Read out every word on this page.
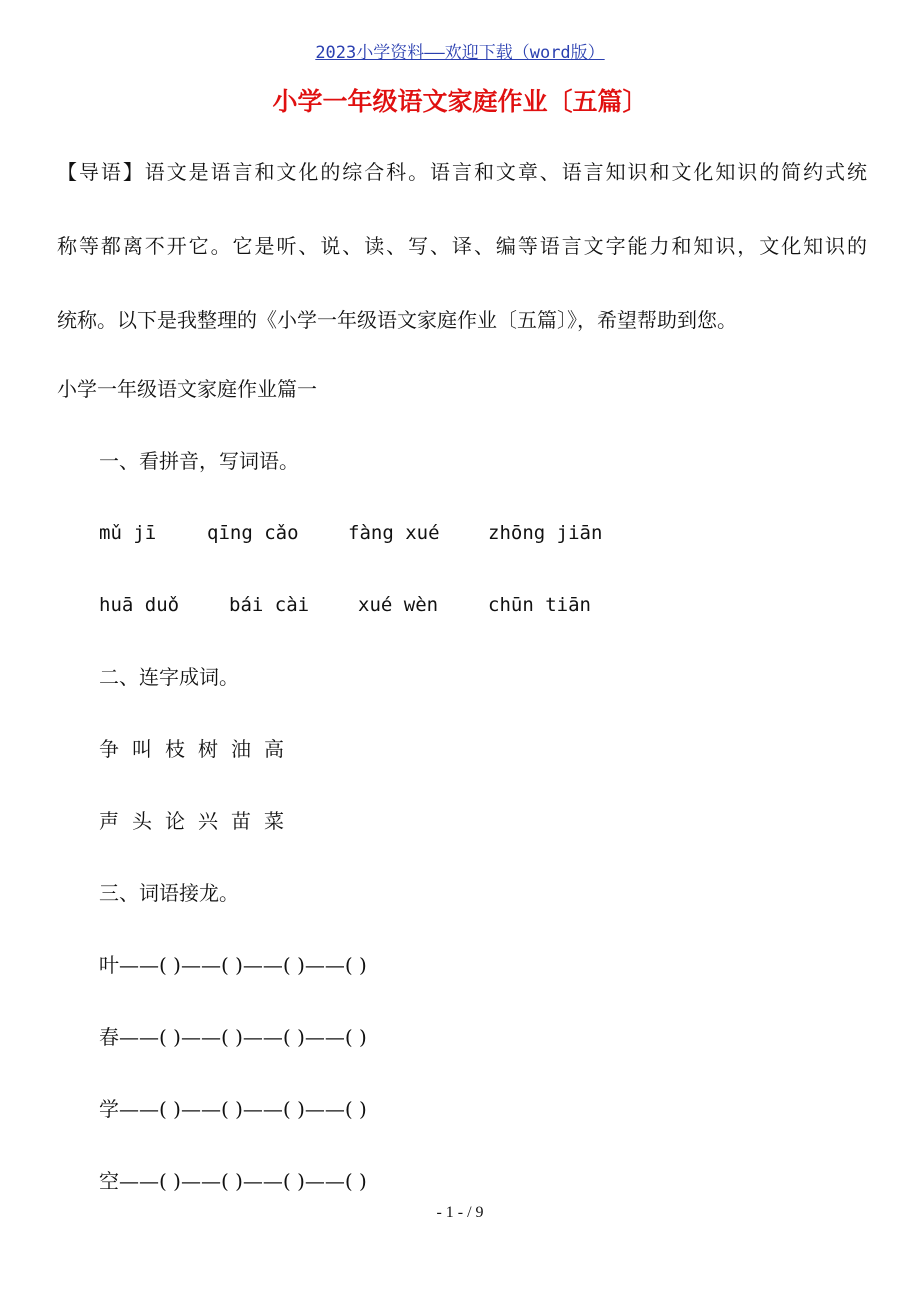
2023小学资料——欢迎下载（word版）
小学一年级语文家庭作业〔五篇〕
【导语】语文是语言和文化的综合科。语言和文章、语言知识和文化知识的简约式统
称等都离不开它。它是听、说、读、写、译、编等语言文字能力和知识，文化知识的
统称。以下是我整理的《小学一年级语文家庭作业〔五篇〕》，希望帮助到您。
小学一年级语文家庭作业篇一
一、看拼音，写词语。
mǔ jī	qīng cǎo	fàng xué	zhōng jiān
huā duǒ	bái cài	xué wèn	chūn tiān
二、连字成词。
争 叫 枝 树 油 高
声 头 论 兴 苗 菜
三、词语接龙。
叶——( )——( )——( )——( )
春——( )——( )——( )——( )
学——( )——( )——( )——( )
空——( )——( )——( )——( )
- 1 - / 9
